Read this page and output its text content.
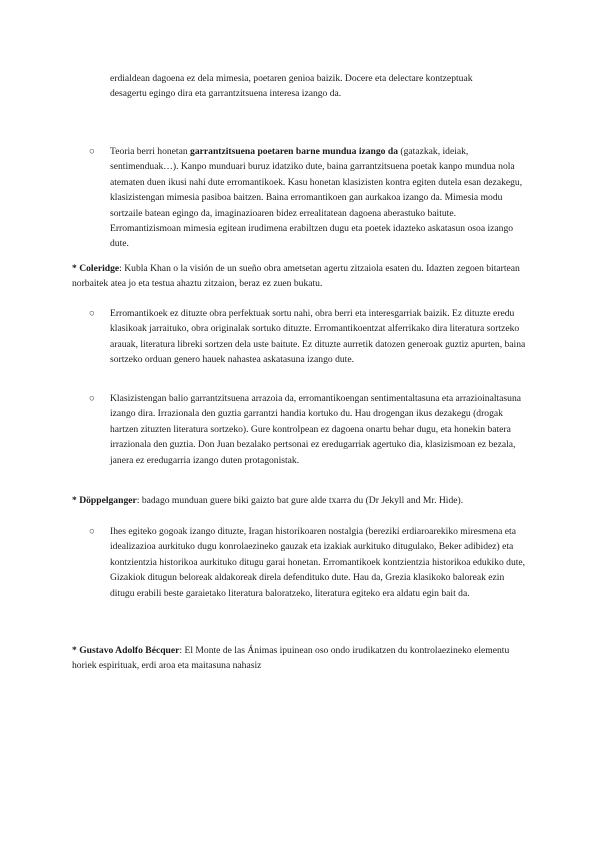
erdialdean dagoena ez dela mimesia, poetaren genioa baizik. Docere eta delectare kontzeptuak desagertu egingo dira eta garrantzitsuena interesa izango da.

○ Teoria berri honetan garrantzitsuena poetaren barne mundua izango da (gatazkak, ideiak, sentimenduak…). Kanpo munduari buruz idatziko dute, baina garrantzitsuena poetak kanpo mundua nola atematen duen ikusi nahi dute erromantikoek. Kasu honetan klasizisten kontra egiten dutela esan dezakegu, klasizistengan mimesia pasiboa baitzen. Baina erromantikoen gan aurkakoa izango da. Mimesia modu sortzaile batean egingo da, imaginazioaren bidez errealitatean dagoena aberastuko baitute. Erromantizismoan mimesia egitean irudimena erabiltzen dugu eta poetek idazteko askatasun osoa izango dute.

* Coleridge: Kubla Khan o la visión de un sueño obra ametsetan agertu zitzaiola esaten du. Idazten zegoen bitartean norbaitek atea jo eta testua ahaztu zitzaion, beraz ez zuen bukatu.

○ Erromantikoek ez dituzte obra perfektuak sortu nahi, obra berri eta interesgarriak baizik. Ez dituzte eredu klasikoak jarraituko, obra originalak sortuko dituzte. Erromantikoentzat alferrikako dira literatura sortzeko arauak, literatura libreki sortzen dela uste baitute. Ez dituzte aurretik datozen generoak guztiz apurten, baina sortzeko orduan genero hauek nahastea askatasuna izango dute.

○ Klasizistengan balio garrantzitsuena arrazoia da, erromantikoengan sentimentaltasuna eta arrazioinaltasuna izango dira. Irrazionala den guztia garrantzi handia kortuko du. Hau drogengan ikus dezakegu (drogak hartzen zituzten literatura sortzeko). Gure kontrolpean ez dagoena onartu behar dugu, eta honekin batera irrazionala den guztia. Don Juan bezalako pertsonai ez eredugarriak agertuko dia, klasizismoan ez bezala, janera ez eredugarria izango duten protagonistak.

* Döppelganger: badago munduan guere biki gaizto bat gure alde txarra du (Dr Jekyll and Mr. Hide).

○ Ihes egiteko gogoak izango dituzte, Iragan historikoaren nostalgia (bereziki erdiaroarekiko miresmena eta idealizazioa aurkituko dugu konrolaezineko gauzak eta izakiak aurkituko ditugulako, Beker adibidez) eta kontzientzia historikoa aurkituko ditugu garai honetan. Erromantikoek kontzientzia historikoa edukiko dute, Gizakiok ditugun beloreak aldakoreak direla defendituko dute. Hau da, Grezia klasikoko baloreak ezin ditugu erabili beste garaietako literatura baloratzeko, literatura egiteko era aldatu egin bait da.

* Gustavo Adolfo Bécquer: El Monte de las Ánimas ipuinean oso ondo irudikatzen du kontrolaezineko elementu horiek espirituak, erdi aroa eta maitasuna nahasiz
